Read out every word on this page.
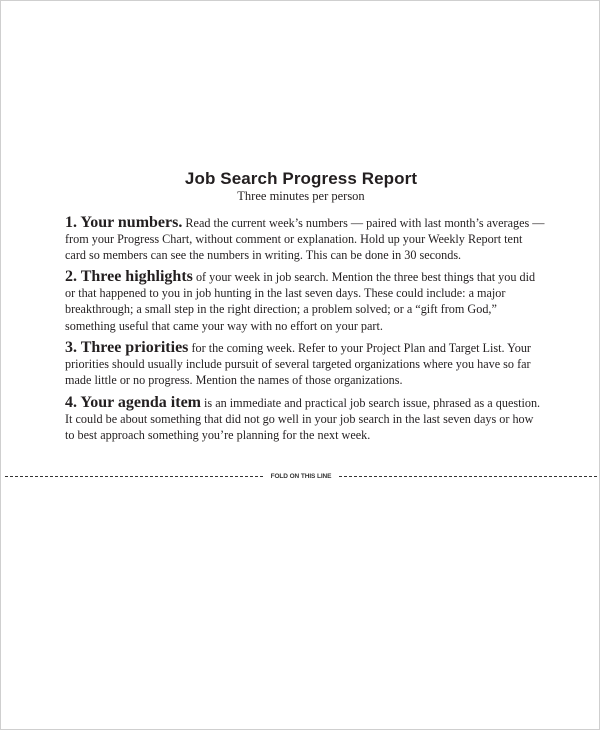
Job Search Progress Report
Three minutes per person
1. Your numbers. Read the current week’s numbers — paired with last month’s averages — from your Progress Chart, without comment or explanation. Hold up your Weekly Report tent card so members can see the numbers in writing. This can be done in 30 seconds.
2. Three highlights of your week in job search. Mention the three best things that you did or that happened to you in job hunting in the last seven days. These could include: a major breakthrough; a small step in the right direction; a problem solved; or a “gift from God,” something useful that came your way with no effort on your part.
3. Three priorities for the coming week. Refer to your Project Plan and Target List. Your priorities should usually include pursuit of several targeted organizations where you have so far made little or no progress. Mention the names of those organizations.
4. Your agenda item is an immediate and practical job search issue, phrased as a question. It could be about something that did not go well in your job search in the last seven days or how to best approach something you’re planning for the next week.
FOLD ON THIS LINE
